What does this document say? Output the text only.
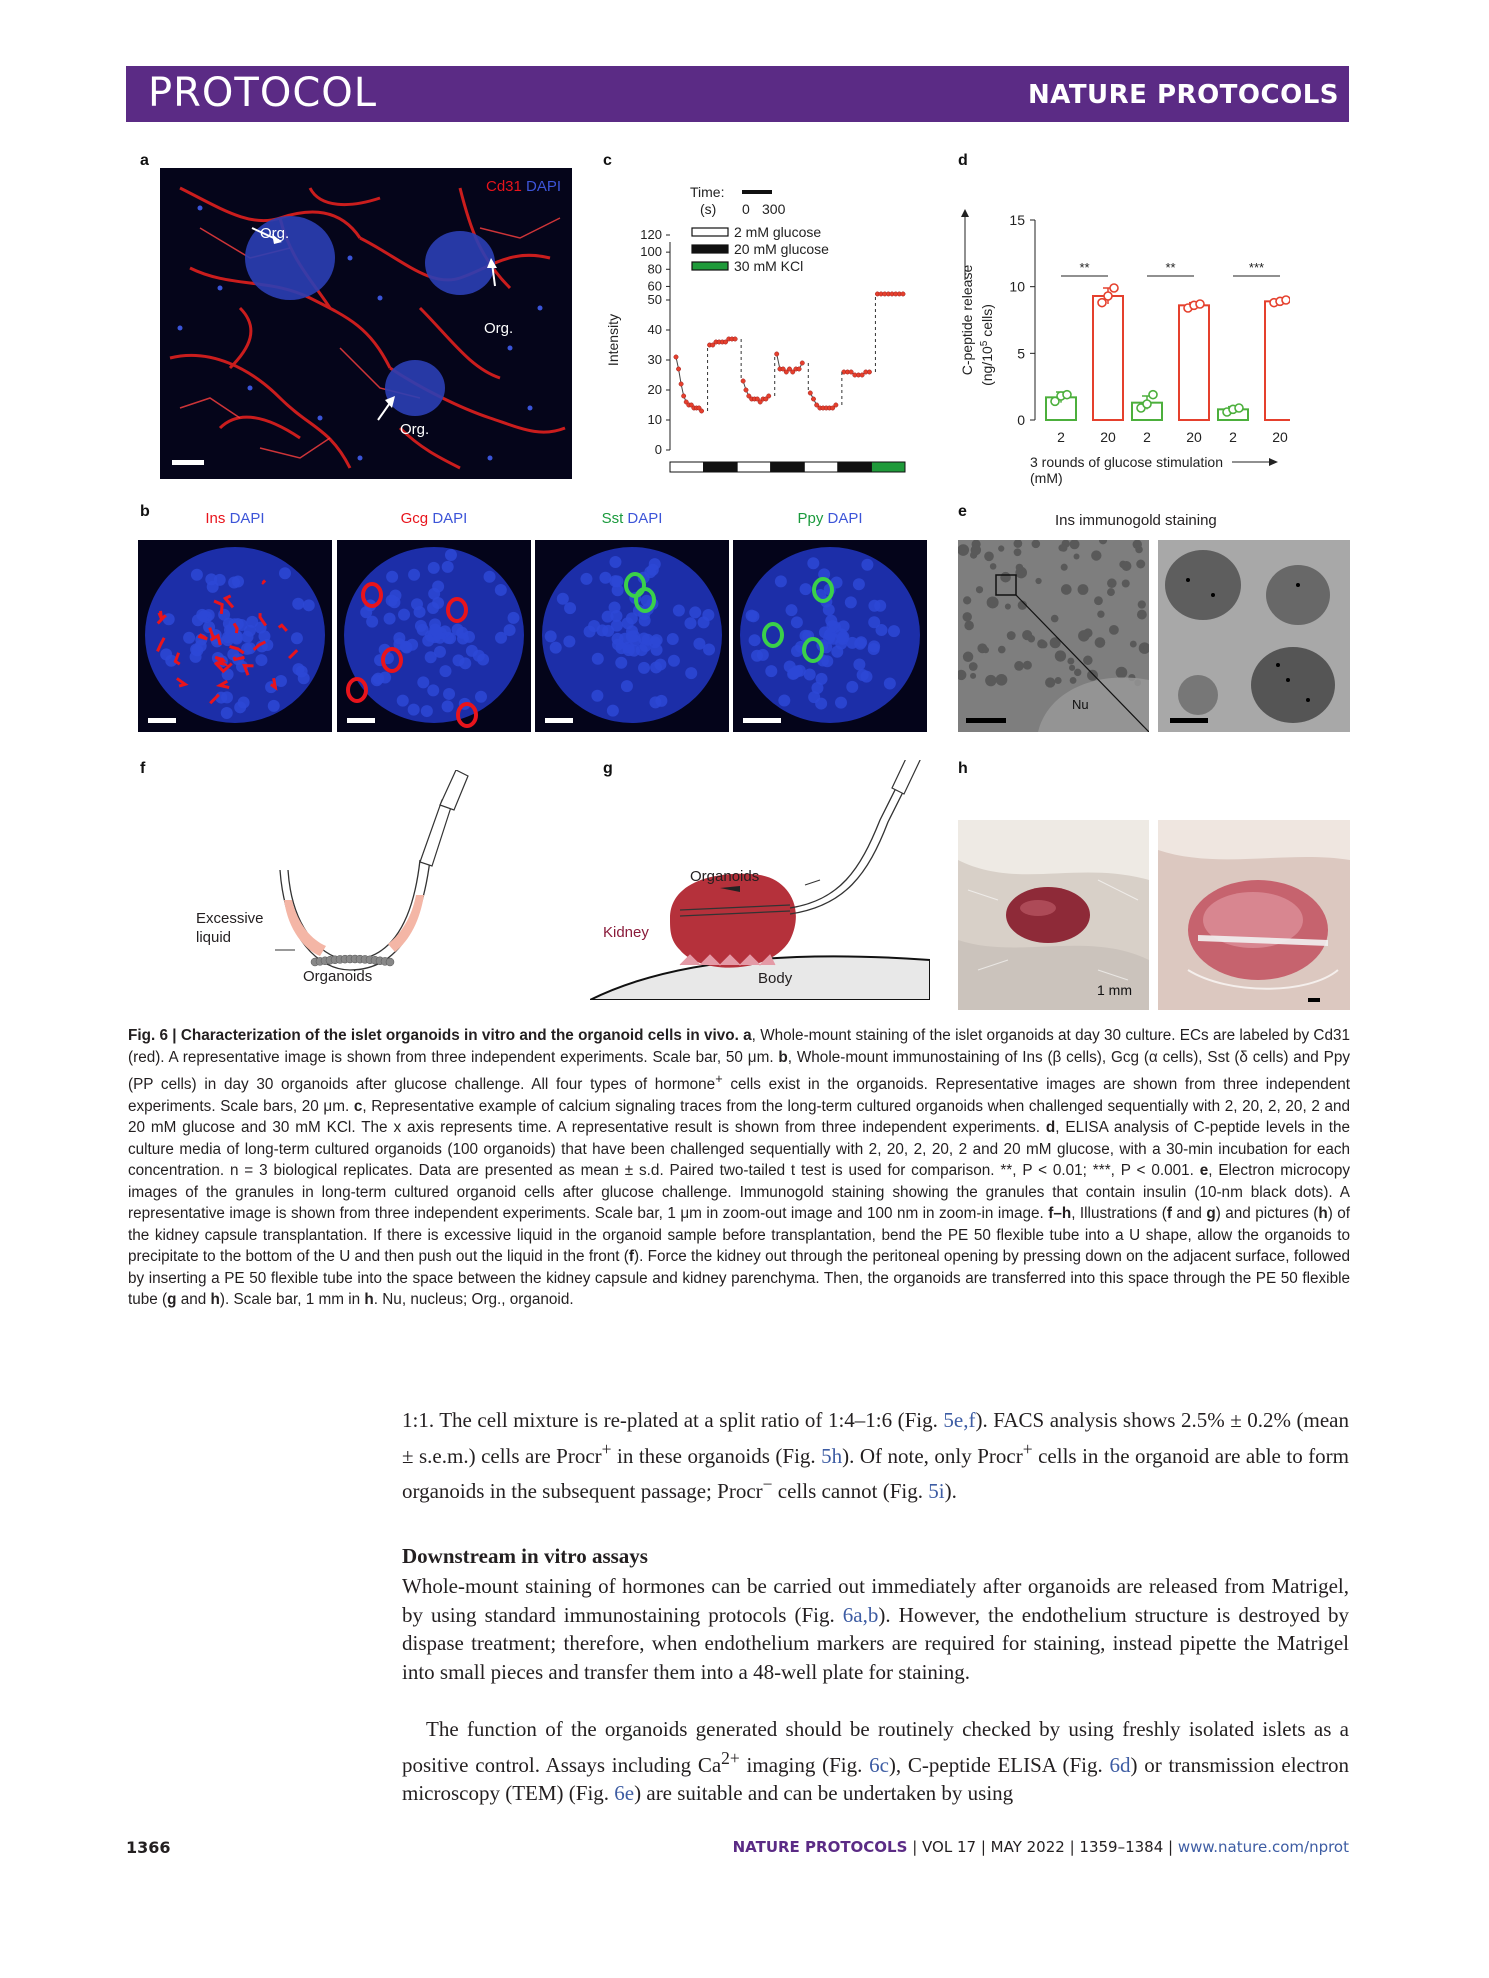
PROTOCOL	NATURE PROTOCOLS
a
Cd31 DAPI
Org.
Org.
Org.
c
0
10
20
30
40
50
60
80
100
120
Intensity
Time:
(s) 0 300
2 mM glucose
20 mM glucose
30 mM KCl
d
0
5
10
15
C-peptide release ($ng/10^5$ cells)
2	20 2	20 2	20
**	**	***
3 rounds of glucose stimulation
(mM)
b	Ins DAPI	Gcg DAPI	Sst DAPI	Ppy DAPI	e
Ins immunogold staining
Nu
f
Excessive
liquid
Organoids
g
Organoids
Kidney
Body
h
1 mm
Fig. 6 | Characterization of the islet organoids in vitro and the organoid cells in vivo. a, Whole-mount staining of the islet organoids at day 30 culture. ECs are labeled by Cd31 (red). A representative image is shown from three independent experiments. Scale bar, 50 μm. b, Whole-mount immunostaining of Ins (β cells), Gcg (α cells), Sst (δ cells) and Ppy (PP cells) in day 30 organoids after glucose challenge. All four types of hormone+ cells exist in the organoids. Representative images are shown from three independent experiments. Scale bars, 20 μm. c, Representative example of calcium signaling traces from the long-term cultured organoids when challenged sequentially with 2, 20, 2, 20, 2 and 20 mM glucose and 30 mM KCl. The x axis represents time. A representative result is shown from three independent experiments. d, ELISA analysis of C-peptide levels in the culture media of long-term cultured organoids (100 organoids) that have been challenged sequentially with 2, 20, 2, 20, 2 and 20 mM glucose, with a 30-min incubation for each concentration. n = 3 biological replicates. Data are presented as mean ± s.d. Paired two-tailed t test is used for comparison. **, P < 0.01; ***, P < 0.001. e, Electron microcopy images of the granules in long-term cultured organoid cells after glucose challenge. Immunogold staining showing the granules that contain insulin (10-nm black dots). A representative image is shown from three independent experiments. Scale bar, 1 μm in zoom-out image and 100 nm in zoom-in image. f–h, Illustrations (f and g) and pictures (h) of the kidney capsule transplantation. If there is excessive liquid in the organoid sample before transplantation, bend the PE 50 flexible tube into a U shape, allow the organoids to precipitate to the bottom of the U and then push out the liquid in the front (f). Force the kidney out through the peritoneal opening by pressing down on the adjacent surface, followed by inserting a PE 50 flexible tube into the space between the kidney capsule and kidney parenchyma. Then, the organoids are transferred into this space through the PE 50 flexible tube (g and h). Scale bar, 1 mm in h. Nu, nucleus; Org., organoid.
1:1. The cell mixture is re-plated at a split ratio of 1:4–1:6 (Fig. 5e,f). FACS analysis shows 2.5% ± 0.2% (mean ± s.e.m.) cells are Procr+ in these organoids (Fig. 5h). Of note, only Procr+ cells in the organoid are able to form organoids in the subsequent passage; Procr− cells cannot (Fig. 5i).
Downstream in vitro assays
Whole-mount staining of hormones can be carried out immediately after organoids are released from Matrigel, by using standard immunostaining protocols (Fig. 6a,b). However, the endothelium structure is destroyed by dispase treatment; therefore, when endothelium markers are required for staining, instead pipette the Matrigel into small pieces and transfer them into a 48-well plate for staining.
The function of the organoids generated should be routinely checked by using freshly isolated islets as a positive control. Assays including $Ca^{2+}$ imaging (Fig. 6c), C-peptide ELISA (Fig. 6d) or transmission electron microscopy (TEM) (Fig. 6e) are suitable and can be undertaken by using
1366	NATURE PROTOCOLS | VOL 17 | MAY 2022 | 1359–1384 | www.nature.com/nprot
